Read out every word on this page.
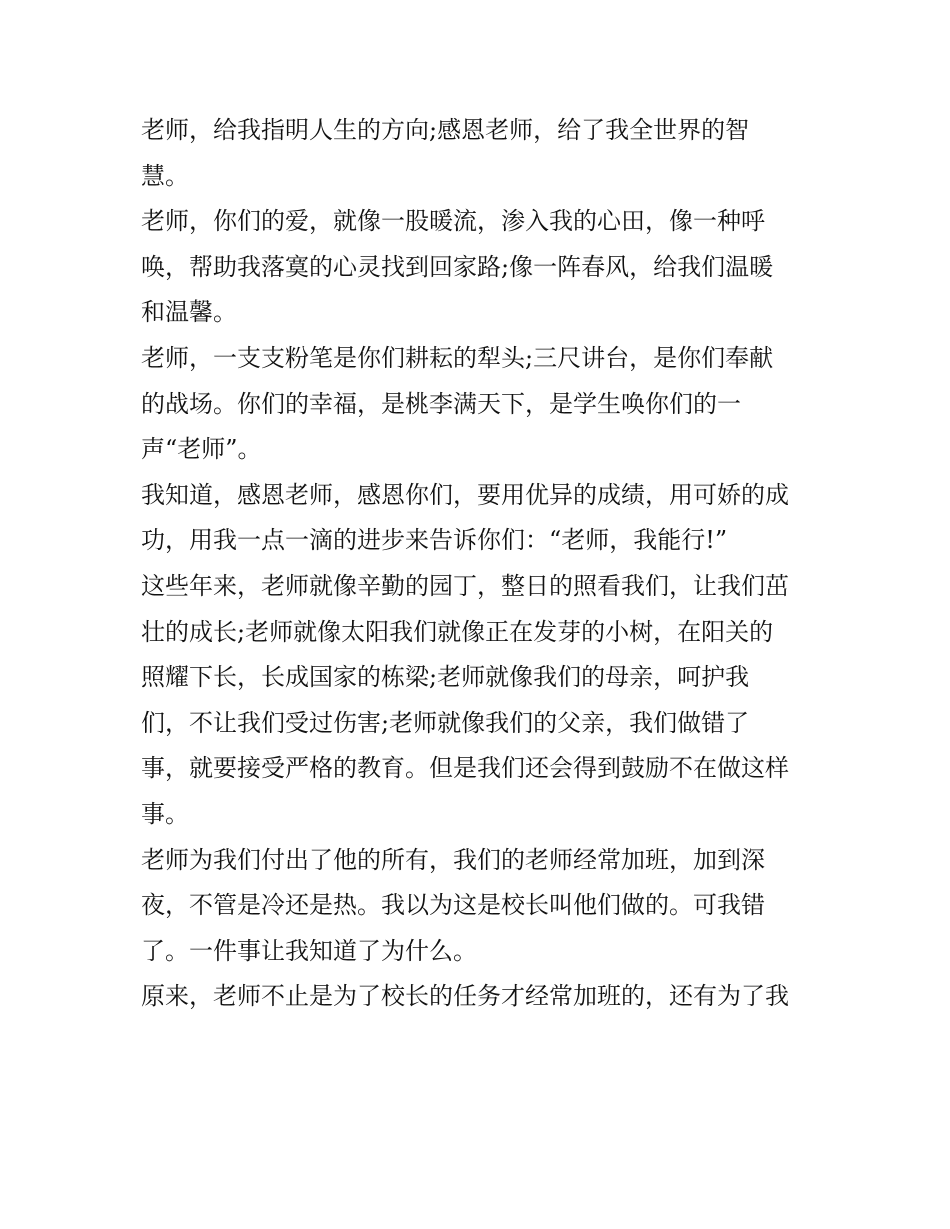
老师，给我指明人生的方向;感恩老师，给了我全世界的智
慧。
老师，你们的爱，就像一股暖流，渗入我的心田，像一种呼
唤，帮助我落寞的心灵找到回家路;像一阵春风，给我们温暖
和温馨。
老师，一支支粉笔是你们耕耘的犁头;三尺讲台，是你们奉献
的战场。你们的幸福，是桃李满天下，是学生唤你们的一
声“老师”。
我知道，感恩老师，感恩你们，要用优异的成绩，用可娇的成
功，用我一点一滴的进步来告诉你们：“老师，我能行!”
这些年来，老师就像辛勤的园丁，整日的照看我们，让我们茁
壮的成长;老师就像太阳我们就像正在发芽的小树，在阳关的
照耀下长，长成国家的栋梁;老师就像我们的母亲，呵护我
们，不让我们受过伤害;老师就像我们的父亲，我们做错了
事，就要接受严格的教育。但是我们还会得到鼓励不在做这样
事。
老师为我们付出了他的所有，我们的老师经常加班，加到深
夜，不管是冷还是热。我以为这是校长叫他们做的。可我错
了。一件事让我知道了为什么。
原来，老师不止是为了校长的任务才经常加班的，还有为了我
